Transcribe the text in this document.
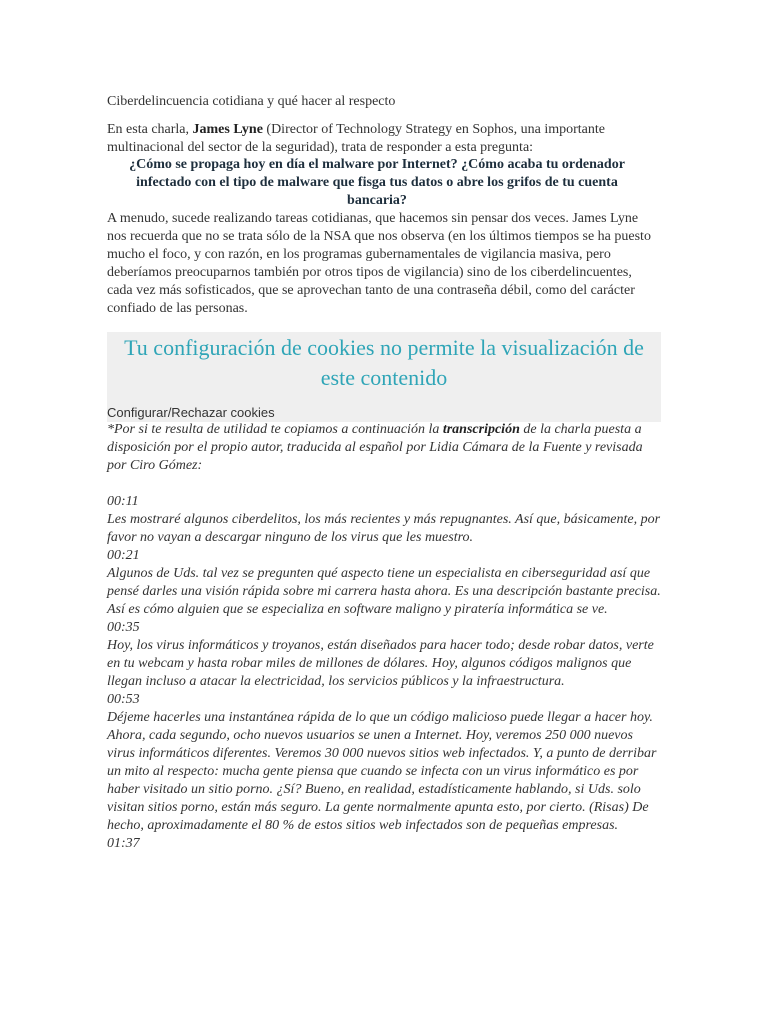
Ciberdelincuencia cotidiana y qué hacer al respecto
En esta charla, James Lyne (Director of Technology Strategy en Sophos, una importante multinacional del sector de la seguridad), trata de responder a esta pregunta:
¿Cómo se propaga hoy en día el malware por Internet? ¿Cómo acaba tu ordenador infectado con el tipo de malware que fisga tus datos o abre los grifos de tu cuenta bancaria?
A menudo, sucede realizando tareas cotidianas, que hacemos sin pensar dos veces. James Lyne nos recuerda que no se trata sólo de la NSA que nos observa (en los últimos tiempos se ha puesto mucho el foco, y con razón, en los programas gubernamentales de vigilancia masiva, pero deberíamos preocuparnos también por otros tipos de vigilancia) sino de los ciberdelincuentes, cada vez más sofisticados, que se aprovechan tanto de una contraseña débil, como del carácter confiado de las personas.
Tu configuración de cookies no permite la visualización de este contenido
Configurar/Rechazar cookies

*Por si te resulta de utilidad te copiamos a continuación la transcripción de la charla puesta a disposición por el propio autor, traducida al español por Lidia Cámara de la Fuente y revisada por Ciro Gómez:

00:11

Les mostraré algunos ciberdelitos, los más recientes y más repugnantes. Así que, básicamente, por favor no vayan a descargar ninguno de los virus que les muestro.

00:21

Algunos de Uds. tal vez se pregunten qué aspecto tiene un especialista en ciberseguridad así que pensé darles una visión rápida sobre mi carrera hasta ahora. Es una descripción bastante precisa. Así es cómo alguien que se especializa en software maligno y piratería informática se ve.

00:35

Hoy, los virus informáticos y troyanos, están diseñados para hacer todo; desde robar datos, verte en tu webcam y hasta robar miles de millones de dólares. Hoy, algunos códigos malignos que llegan incluso a atacar la electricidad, los servicios públicos y la infraestructura.

00:53

Déjeme hacerles una instantánea rápida de lo que un código malicioso puede llegar a hacer hoy. Ahora, cada segundo, ocho nuevos usuarios se unen a Internet. Hoy, veremos 250 000 nuevos virus informáticos diferentes. Veremos 30 000 nuevos sitios web infectados. Y, a punto de derribar un mito al respecto: mucha gente piensa que cuando se infecta con un virus informático es por haber visitado un sitio porno. ¿Sí? Bueno, en realidad, estadísticamente hablando, si Uds. solo visitan sitios porno, están más seguro. La gente normalmente apunta esto, por cierto. (Risas) De hecho, aproximadamente el 80 % de estos sitios web infectados son de pequeñas empresas.

01:37
